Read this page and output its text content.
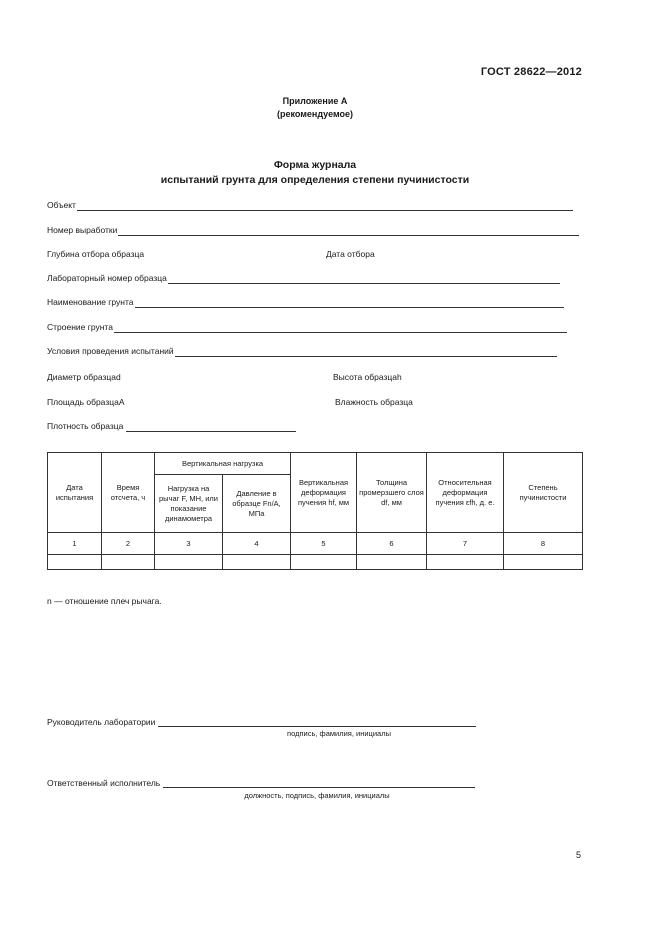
ГОСТ 28622—2012
Приложение А
(рекомендуемое)
Форма журнала
испытаний грунта для определения степени пучинистости
Объект
Номер выработки
Глубина отбора образца	Дата отбора
Лабораторный номер образца
Наименование грунта
Строение грунта
Условия проведения испытаний
Диаметр образца d	Высота образца h
Площадь образца A	Влажность образца
Плотность образца
Дата испытания	Время отсчета, ч	Вертикальная нагрузка		Вертикальная деформация пучения hf, мм	Толщина промерзшего слоя df, мм	Относительная деформация пучения εfh, д. е.	Степень пучинистости
		Нагрузка на рычаг F, МН, или показание динамометра	Давление в образце Fn/A, МПа				
1	2	3	4	5	6	7	8

n — отношение плеч рычага.
Руководитель лаборатории
подпись, фамилия, инициалы
Ответственный исполнитель
должность, подпись, фамилия, инициалы
5
